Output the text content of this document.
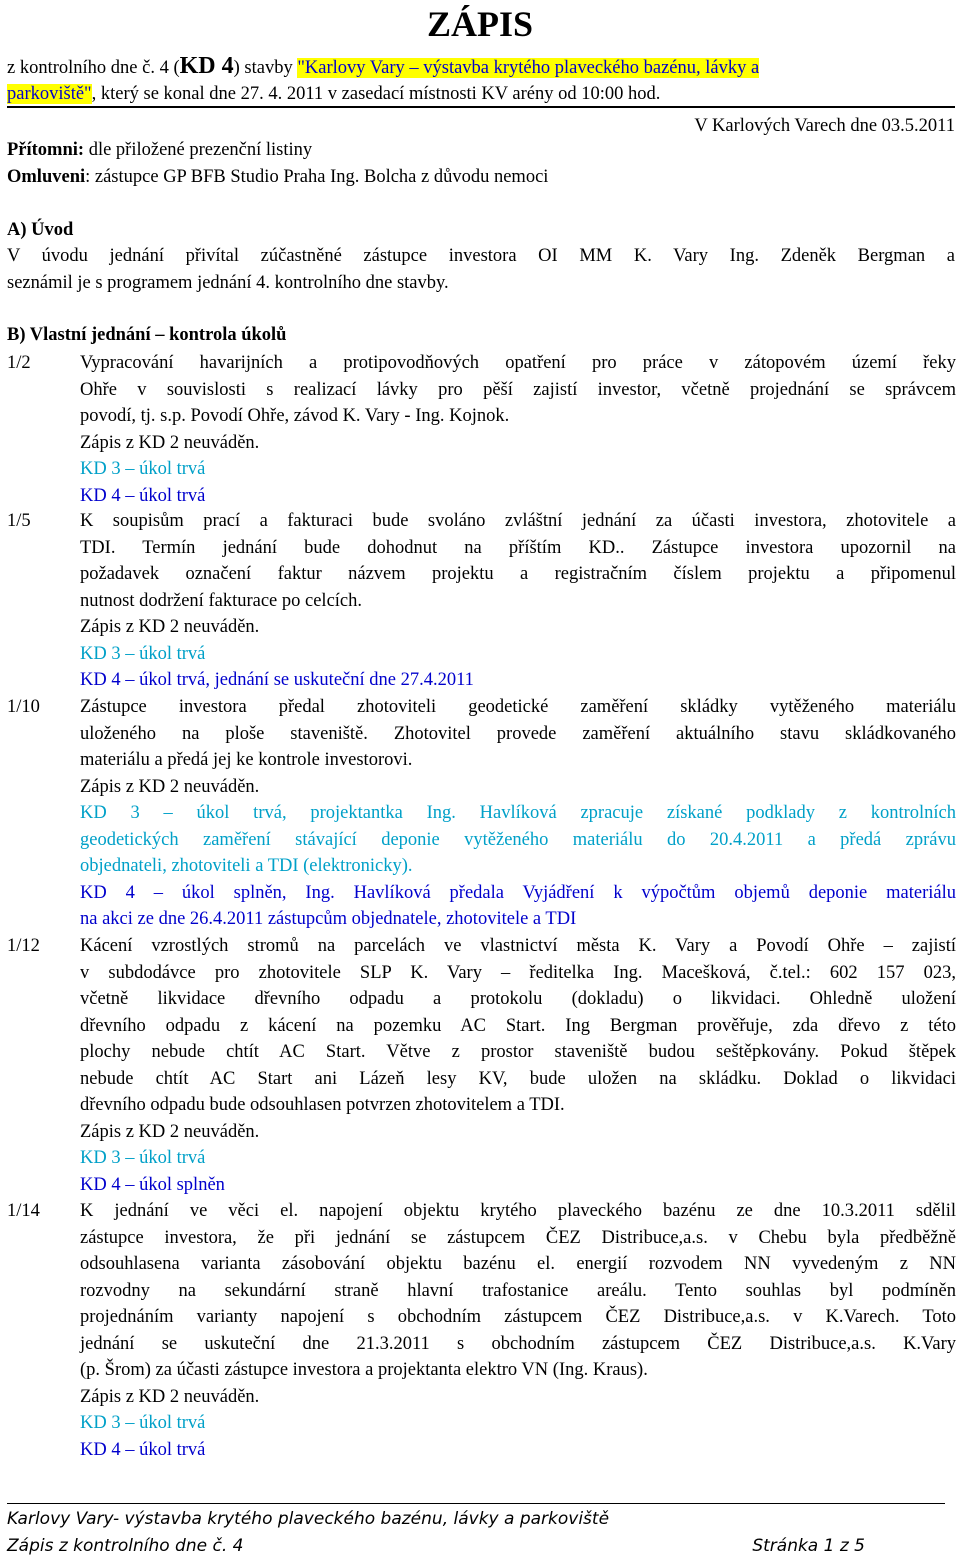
ZÁPIS
z kontrolního dne č. 4 (KD 4) stavby "Karlovy Vary – výstavba krytého plaveckého bazénu, lávky a
parkoviště", který se konal dne 27. 4. 2011 v zasedací místnosti KV arény od 10:00 hod.
V Karlových Varech dne 03.5.2011
Přítomni: dle přiložené prezenční listiny
Omluveni: zástupce GP BFB Studio Praha Ing. Bolcha z důvodu nemoci
A) Úvod
V úvodu jednání přivítal zúčastněné zástupce investora OI MM K. Vary Ing. Zdeněk Bergman a
seznámil je s programem jednání 4. kontrolního dne stavby.
B) Vlastní jednání – kontrola úkolů
1/2	Vypracování havarijních a protipovodňových opatření pro práce v zátopovém území řeky
Ohře v souvislosti s realizací lávky pro pěší zajistí investor, včetně projednání se správcem
povodí, tj. s.p. Povodí Ohře, závod K. Vary - Ing. Kojnok.
Zápis z KD 2 neuváděn.
KD 3 – úkol trvá
KD 4 – úkol trvá
1/5	K soupisům prací a fakturaci bude svoláno zvláštní jednání za účasti investora, zhotovitele a
TDI. Termín jednání bude dohodnut na příštím KD.. Zástupce investora upozornil na
požadavek označení faktur názvem projektu a registračním číslem projektu a připomenul
nutnost dodržení fakturace po celcích.
Zápis z KD 2 neuváděn.
KD 3 – úkol trvá
KD 4 – úkol trvá, jednání se uskuteční dne 27.4.2011
1/10	Zástupce investora předal zhotoviteli geodetické zaměření skládky vytěženého materiálu
uloženého na ploše staveniště. Zhotovitel provede zaměření aktuálního stavu skládkovaného
materiálu a předá jej ke kontrole investorovi.
Zápis z KD 2 neuváděn.
KD 3 – úkol trvá, projektantka Ing. Havlíková zpracuje získané podklady z kontrolních
geodetických zaměření stávající deponie vytěženého materiálu do 20.4.2011 a předá zprávu
objednateli, zhotoviteli a TDI (elektronicky).
KD 4 – úkol splněn, Ing. Havlíková předala Vyjádření k výpočtům objemů deponie materiálu
na akci ze dne 26.4.2011 zástupcům objednatele, zhotovitele a TDI
1/12	Kácení vzrostlých stromů na parcelách ve vlastnictví města K. Vary a Povodí Ohře – zajistí
v subdodávce pro zhotovitele SLP K. Vary – ředitelka Ing. Macešková, č.tel.: 602 157 023,
včetně likvidace dřevního odpadu a protokolu (dokladu) o likvidaci. Ohledně uložení
dřevního odpadu z kácení na pozemku AC Start. Ing Bergman prověřuje, zda dřevo z této
plochy nebude chtít AC Start. Větve z prostor staveniště budou seštěpkovány. Pokud štěpek
nebude chtít AC Start ani Lázeň lesy KV, bude uložen na skládku. Doklad o likvidaci
dřevního odpadu bude odsouhlasen potvrzen zhotovitelem a TDI.
Zápis z KD 2 neuváděn.
KD 3 – úkol trvá
KD 4 – úkol splněn
1/14	K jednání ve věci el. napojení objektu krytého plaveckého bazénu ze dne 10.3.2011 sdělil
zástupce investora, že při jednání se zástupcem ČEZ Distribuce,a.s. v Chebu byla předběžně
odsouhlasena varianta zásobování objektu bazénu el. energií rozvodem NN vyvedeným z NN
rozvodny na sekundární straně hlavní trafostanice areálu. Tento souhlas byl podmíněn
projednáním varianty napojení s obchodním zástupcem ČEZ Distribuce,a.s. v K.Varech. Toto
jednání se uskuteční dne 21.3.2011 s obchodním zástupcem ČEZ Distribuce,a.s. K.Vary
(p. Šrom) za účasti zástupce investora a projektanta elektro VN (Ing. Kraus).
Zápis z KD 2 neuváděn.
KD 3 – úkol trvá
KD 4 – úkol trvá
Karlovy Vary- výstavba krytého plaveckého bazénu, lávky a parkoviště
Zápis z kontrolního dne č. 4	Stránka 1 z 5
